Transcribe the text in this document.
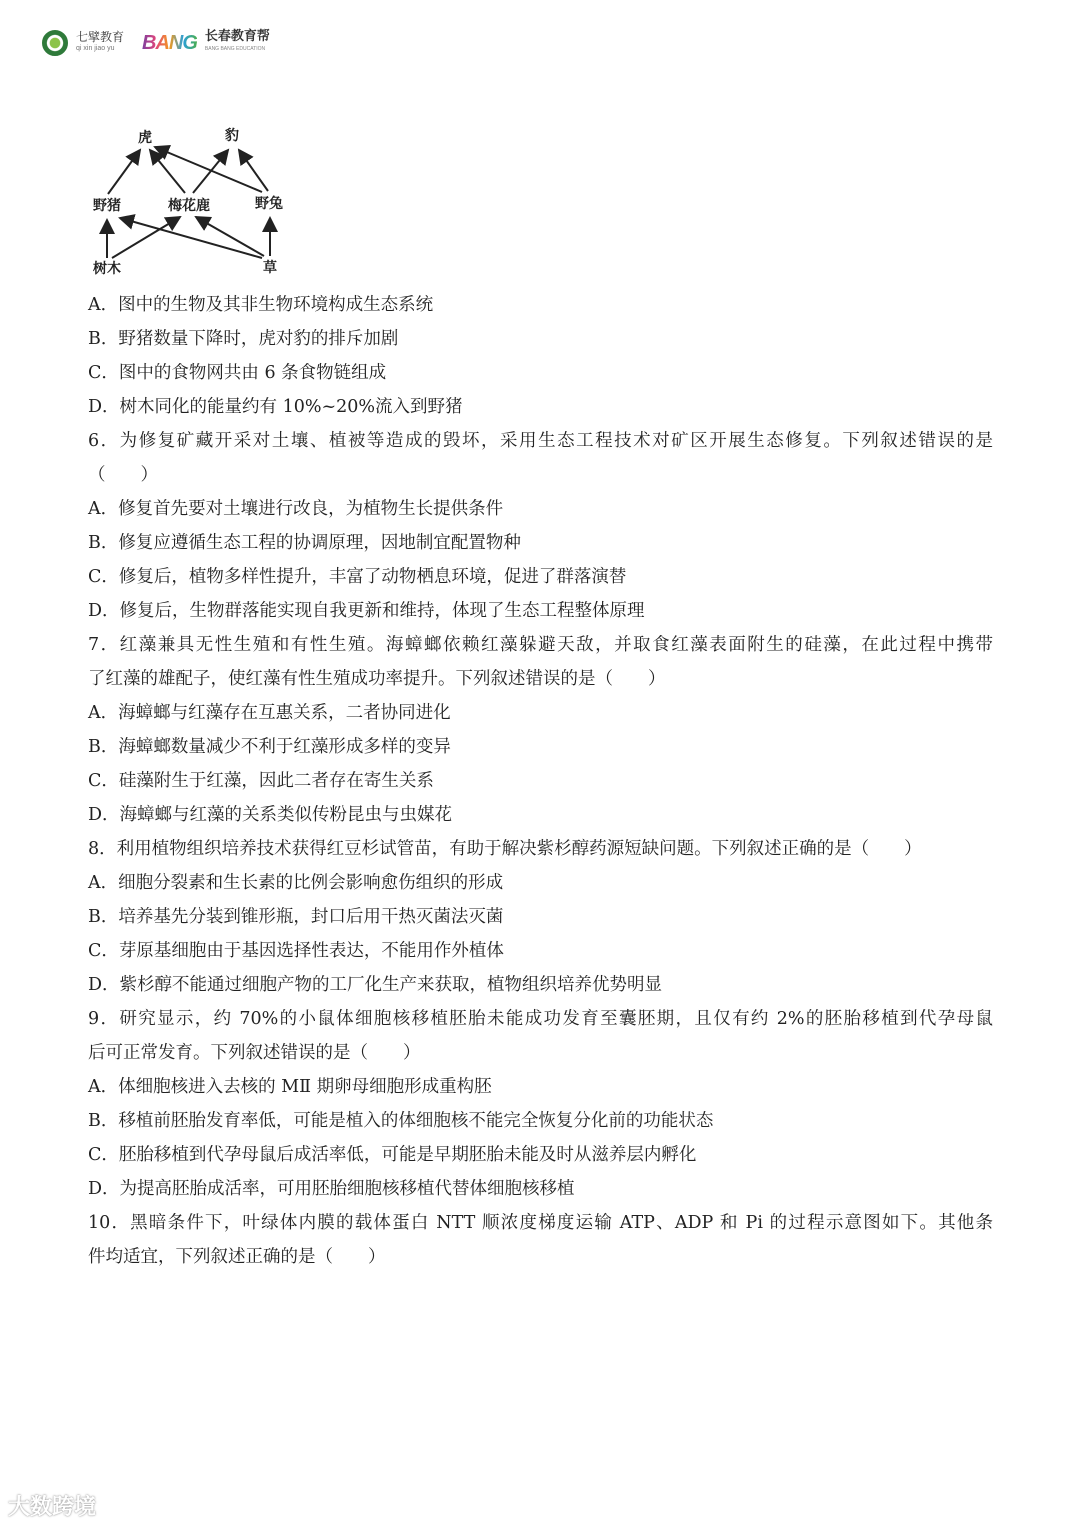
七擘教育
qi xin jiao yu	BANG 长春教育帮
BANG BANG EDUCATION
虎	豹
野猪	梅花鹿	野兔
树木	草
A．图中的生物及其非生物环境构成生态系统
B．野猪数量下降时，虎对豹的排斥加剧
C．图中的食物网共由 6 条食物链组成
D．树木同化的能量约有 10%~20%流入到野猪
6．为修复矿藏开采对土壤、植被等造成的毁坏，采用生态工程技术对矿区开展生态修复。下列叙述错误的是
（　　）
A．修复首先要对土壤进行改良，为植物生长提供条件
B．修复应遵循生态工程的协调原理，因地制宜配置物种
C．修复后，植物多样性提升，丰富了动物栖息环境，促进了群落演替
D．修复后，生物群落能实现自我更新和维持，体现了生态工程整体原理
7．红藻兼具无性生殖和有性生殖。海蟑螂依赖红藻躲避天敌，并取食红藻表面附生的硅藻，在此过程中携带
了红藻的雄配子，使红藻有性生殖成功率提升。下列叙述错误的是（　　）
A．海蟑螂与红藻存在互惠关系，二者协同进化
B．海蟑螂数量减少不利于红藻形成多样的变异
C．硅藻附生于红藻，因此二者存在寄生关系
D．海蟑螂与红藻的关系类似传粉昆虫与虫媒花
8．利用植物组织培养技术获得红豆杉试管苗，有助于解决紫杉醇药源短缺问题。下列叙述正确的是（　　）
A．细胞分裂素和生长素的比例会影响愈伤组织的形成
B．培养基先分装到锥形瓶，封口后用干热灭菌法灭菌
C．芽原基细胞由于基因选择性表达，不能用作外植体
D．紫杉醇不能通过细胞产物的工厂化生产来获取，植物组织培养优势明显
9．研究显示，约 70%的小鼠体细胞核移植胚胎未能成功发育至囊胚期，且仅有约 2%的胚胎移植到代孕母鼠
后可正常发育。下列叙述错误的是（　　）
A．体细胞核进入去核的 MⅡ 期卵母细胞形成重构胚
B．移植前胚胎发育率低，可能是植入的体细胞核不能完全恢复分化前的功能状态
C．胚胎移植到代孕母鼠后成活率低，可能是早期胚胎未能及时从滋养层内孵化
D．为提高胚胎成活率，可用胚胎细胞核移植代替体细胞核移植
10．黑暗条件下，叶绿体内膜的载体蛋白 NTT 顺浓度梯度运输 ATP、ADP 和 Pi 的过程示意图如下。其他条
件均适宜，下列叙述正确的是（　　）
大数跨境
